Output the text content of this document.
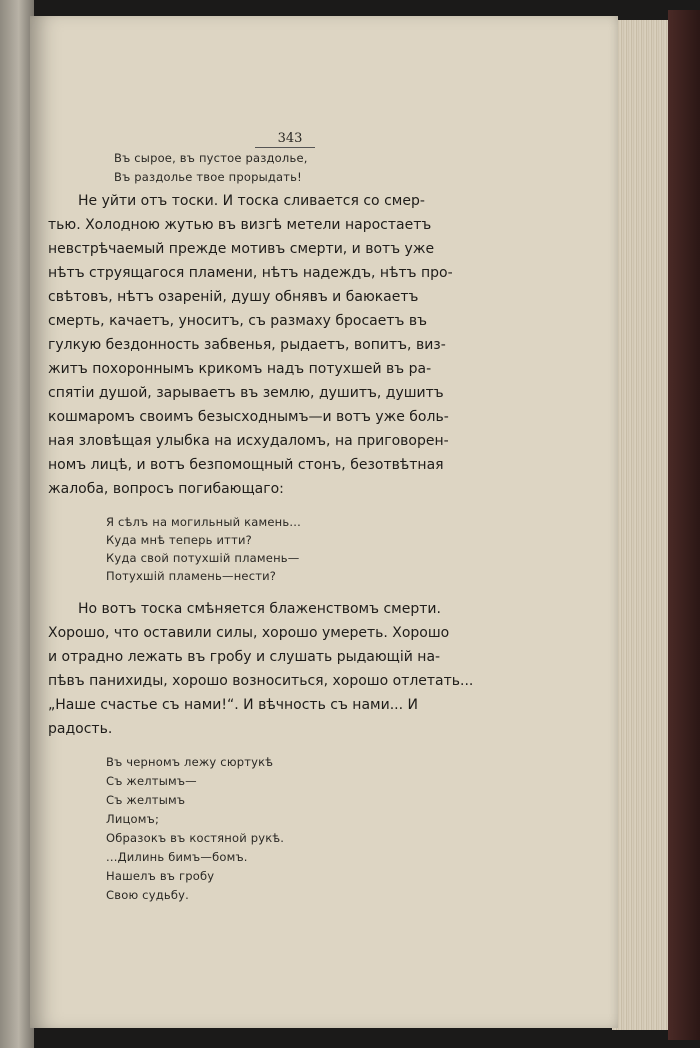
343
Въ сырое, въ пустое раздолье,
Въ раздолье твое прорыдать!
Не уйти отъ тоски. И тоска сливается со смер-
тью. Холодною жутью въ визгѣ метели наростаетъ
невстрѣчаемый прежде мотивъ смерти, и вотъ уже
нѣтъ струящагося пламени, нѣтъ надеждъ, нѣтъ про-
свѣтовъ, нѣтъ озареній, душу обнявъ и баюкаетъ
смерть, качаетъ, уноситъ, съ размаху бросаетъ въ
гулкую бездонность забвенья, рыдаетъ, вопитъ, виз-
житъ похороннымъ крикомъ надъ потухшей въ ра-
спятіи душой, зарываетъ въ землю, душитъ, душитъ
кошмаромъ своимъ безысходнымъ—и вотъ уже боль-
ная зловѣщая улыбка на исхудаломъ, на приговорен-
номъ лицѣ, и вотъ безпомощный стонъ, безотвѣтная
жалоба, вопросъ погибающаго:
Я сѣлъ на могильный камень...
Куда мнѣ теперь итти?
Куда свой потухшій пламень—
Потухшій пламень—нести?
Но вотъ тоска смѣняется блаженствомъ смерти.
Хорошо, что оставили силы, хорошо умереть. Хорошо
и отрадно лежать въ гробу и слушать рыдающій на-
пѣвъ панихиды, хорошо возноситься, хорошо отлетать...
„Наше счастье съ нами!“. И вѣчность съ нами... И
радость.
Въ черномъ лежу сюртукѣ
Съ желтымъ—
Съ желтымъ
Лицомъ;
Образокъ въ костяной рукѣ.
...Дилинь бимъ—бомъ.
Нашелъ въ гробу
Свою судьбу.
